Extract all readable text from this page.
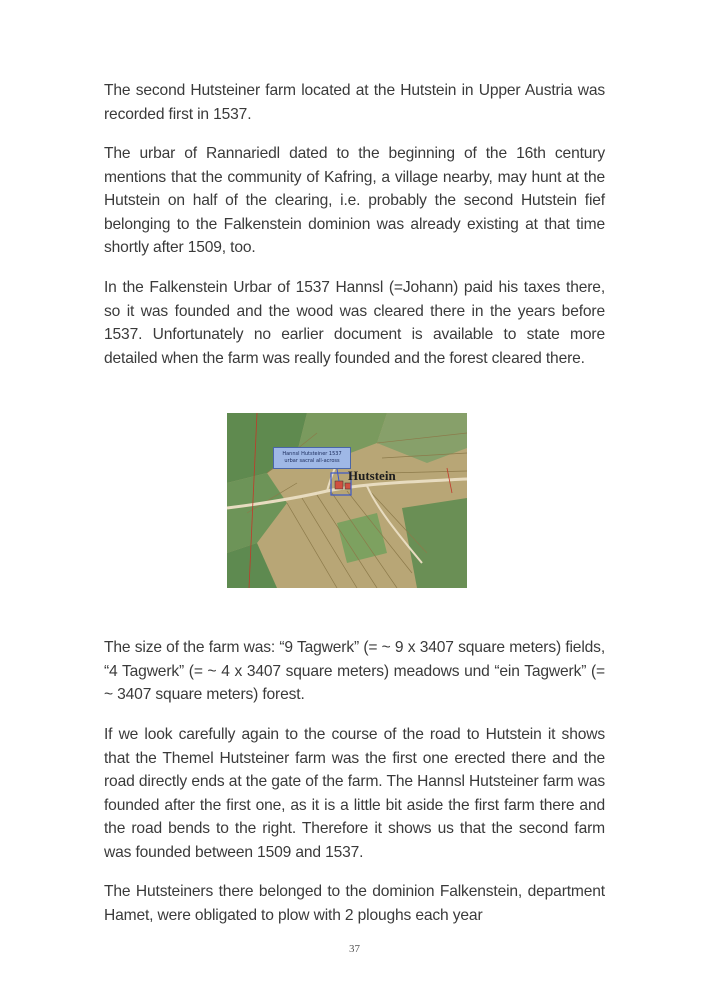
The second Hutsteiner farm located at the Hutstein in Upper Austria was recorded first in 1537.

The urbar of Rannariedl dated to the beginning of the 16th century mentions that the community of Kafring, a village nearby, may hunt at the Hutstein on half of the clearing, i.e. probably the second Hutstein fief belonging to the Falkenstein dominion was already existing at that time shortly after 1509, too.

In the Falkenstein Urbar of 1537 Hannsl (=Johann) paid his taxes there, so it was founded and the wood was cleared there in the years before 1537. Unfortunately no earlier document is available to state more detailed when the farm was really founded and the forest cleared there.

Hannsl Hutsteiner 1537
urbar sacral all-across
Hutstein

The size of the farm was: “9 Tagwerk” (= ~ 9 x 3407 square meters) fields, “4 Tagwerk” (= ~ 4 x 3407 square meters) meadows und “ein Tagwerk” (= ~ 3407 square meters) forest.

If we look carefully again to the course of the road to Hutstein it shows that the Themel Hutsteiner farm was the first one erected there and the road directly ends at the gate of the farm. The Hannsl Hutsteiner farm was founded after the first one, as it is a little bit aside the first farm there and the road bends to the right. Therefore it shows us that the second farm was founded between 1509 and 1537.

The Hutsteiners there belonged to the dominion Falkenstein, department Hamet, were obligated to plow with 2 ploughs each year

37
